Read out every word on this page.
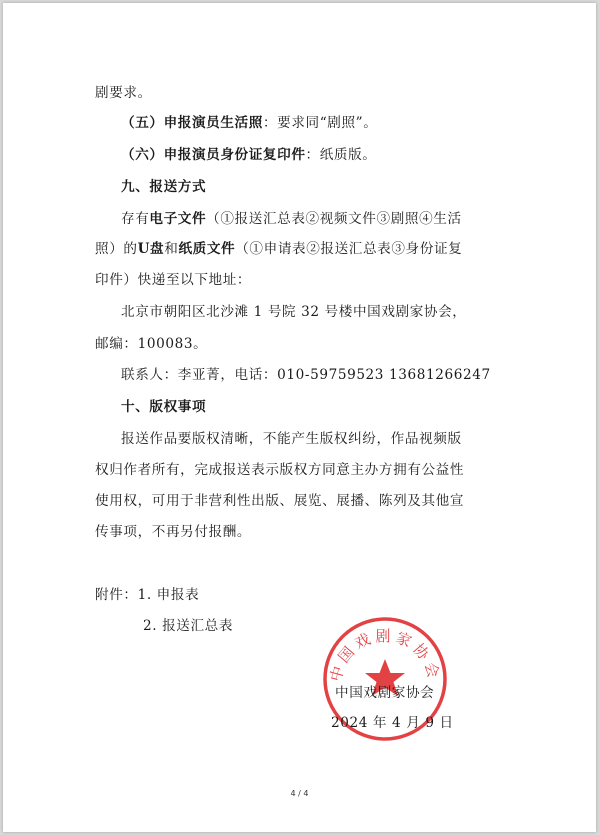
剧要求。
（五）申报演员生活照：要求同“剧照”。
（六）申报演员身份证复印件：纸质版。
九、报送方式
存有电子文件（①报送汇总表②视频文件③剧照④生活
照）的U盘和纸质文件（①申请表②报送汇总表③身份证复
印件）快递至以下地址：
北京市朝阳区北沙滩 1 号院 32 号楼中国戏剧家协会，
邮编：100083。
联系人：李亚菁，电话：010-59759523 13681266247
十、版权事项
报送作品要版权清晰，不能产生版权纠纷，作品视频版
权归作者所有，完成报送表示版权方同意主办方拥有公益性
使用权，可用于非营利性出版、展览、展播、陈列及其他宣
传事项，不再另付报酬。
附件：1. 申报表
2. 报送汇总表
中国戏剧家协会
中国戏剧家协会
2024 年 4 月 9 日
4 / 4
